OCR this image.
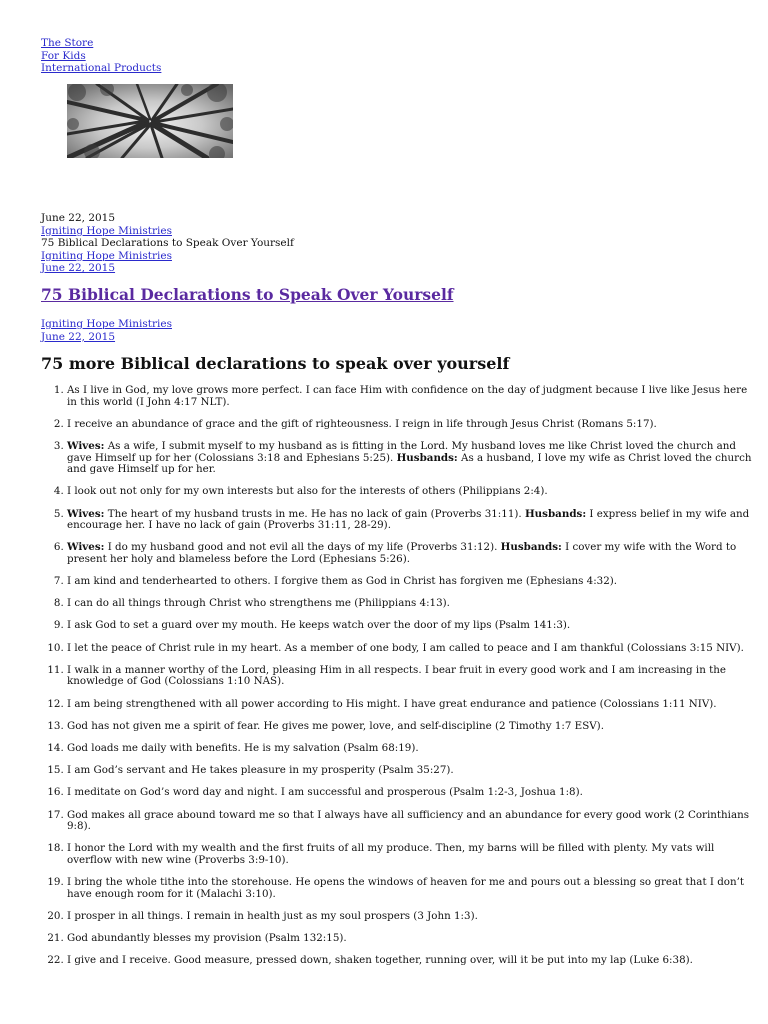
The Store
For Kids
International Products
June 22, 2015
Igniting Hope Ministries
75 Biblical Declarations to Speak Over Yourself
Igniting Hope Ministries
June 22, 2015
75 Biblical Declarations to Speak Over Yourself
Igniting Hope Ministries
June 22, 2015
75 more Biblical declarations to speak over yourself
1. As I live in God, my love grows more perfect. I can face Him with confidence on the day of judgment because I live like Jesus here in this world (I John 4:17 NLT).
2. I receive an abundance of grace and the gift of righteousness. I reign in life through Jesus Christ (Romans 5:17).
3. Wives: As a wife, I submit myself to my husband as is fitting in the Lord. My husband loves me like Christ loved the church and gave Himself up for her (Colossians 3:18 and Ephesians 5:25). Husbands: As a husband, I love my wife as Christ loved the church and gave Himself up for her.
4. I look out not only for my own interests but also for the interests of others (Philippians 2:4).
5. Wives: The heart of my husband trusts in me. He has no lack of gain (Proverbs 31:11). Husbands: I express belief in my wife and encourage her. I have no lack of gain (Proverbs 31:11, 28-29).
6. Wives: I do my husband good and not evil all the days of my life (Proverbs 31:12). Husbands: I cover my wife with the Word to present her holy and blameless before the Lord (Ephesians 5:26).
7. I am kind and tenderhearted to others. I forgive them as God in Christ has forgiven me (Ephesians 4:32).
8. I can do all things through Christ who strengthens me (Philippians 4:13).
9. I ask God to set a guard over my mouth. He keeps watch over the door of my lips (Psalm 141:3).
10. I let the peace of Christ rule in my heart. As a member of one body, I am called to peace and I am thankful (Colossians 3:15 NIV).
11. I walk in a manner worthy of the Lord, pleasing Him in all respects. I bear fruit in every good work and I am increasing in the knowledge of God (Colossians 1:10 NAS).
12. I am being strengthened with all power according to His might. I have great endurance and patience (Colossians 1:11 NIV).
13. God has not given me a spirit of fear. He gives me power, love, and self-discipline (2 Timothy 1:7 ESV).
14. God loads me daily with benefits. He is my salvation (Psalm 68:19).
15. I am God’s servant and He takes pleasure in my prosperity (Psalm 35:27).
16. I meditate on God’s word day and night. I am successful and prosperous (Psalm 1:2-3, Joshua 1:8).
17. God makes all grace abound toward me so that I always have all sufficiency and an abundance for every good work (2 Corinthians 9:8).
18. I honor the Lord with my wealth and the first fruits of all my produce. Then, my barns will be filled with plenty. My vats will overflow with new wine (Proverbs 3:9-10).
19. I bring the whole tithe into the storehouse. He opens the windows of heaven for me and pours out a blessing so great that I don’t have enough room for it (Malachi 3:10).
20. I prosper in all things. I remain in health just as my soul prospers (3 John 1:3).
21. God abundantly blesses my provision (Psalm 132:15).
22. I give and I receive. Good measure, pressed down, shaken together, running over, will it be put into my lap (Luke 6:38).
